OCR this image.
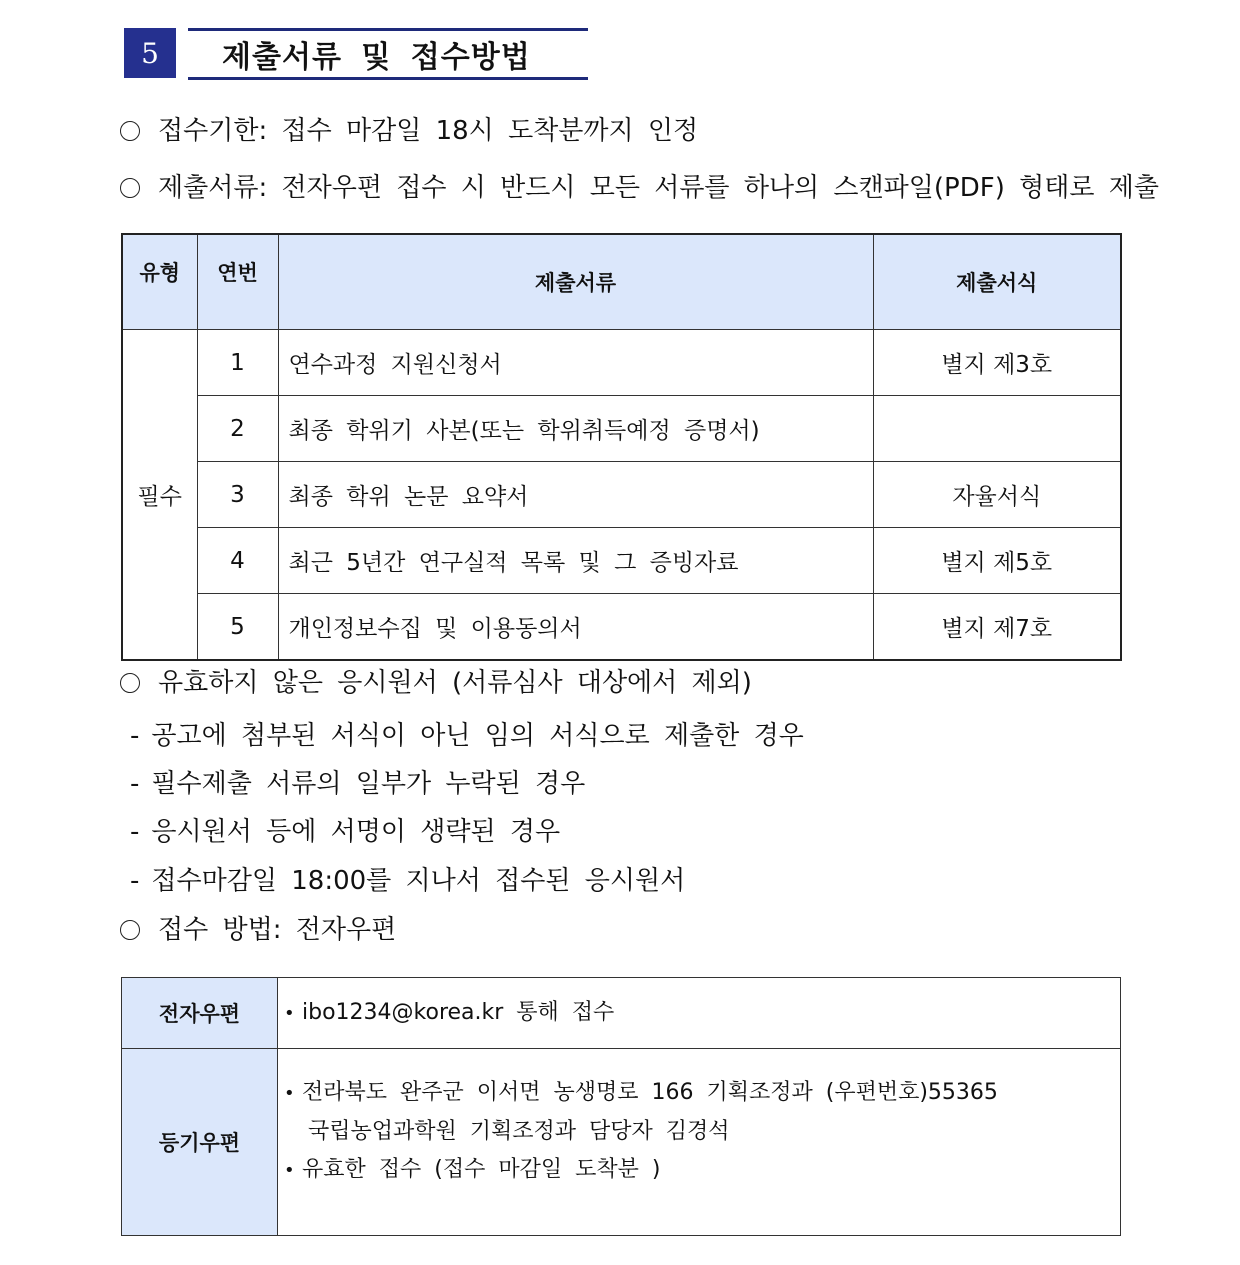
5	제출서류 및 접수방법
접수기한: 접수 마감일 18시 도착분까지 인정
제출서류: 전자우편 접수 시 반드시 모든 서류를 하나의 스캔파일(PDF) 형태로 제출
유형	연번	제출서류	제출서식
필수	1	연수과정 지원신청서	별지 제3호
	2	최종 학위기 사본(또는 학위취득예정 증명서)	
	3	최종 학위 논문 요약서	자율서식
	4	최근 5년간 연구실적 목록 및 그 증빙자료	별지 제5호
	5	개인정보수집 및 이용동의서	별지 제7호
유효하지 않은 응시원서 (서류심사 대상에서 제외)
- 공고에 첨부된 서식이 아닌 임의 서식으로 제출한 경우
- 필수제출 서류의 일부가 누락된 경우
- 응시원서 등에 서명이 생략된 경우
- 접수마감일 18:00를 지나서 접수된 응시원서
접수 방법: 전자우편
전자우편	• ibo1234@korea.kr 통해 접수

등기우편	• 전라북도 완주군 이서면 농생명로 166 기획조정과 (우편번호)55365
국립농업과학원 기획조정과 담당자 김경석
• 유효한 접수 (접수 마감일 도착분 )
